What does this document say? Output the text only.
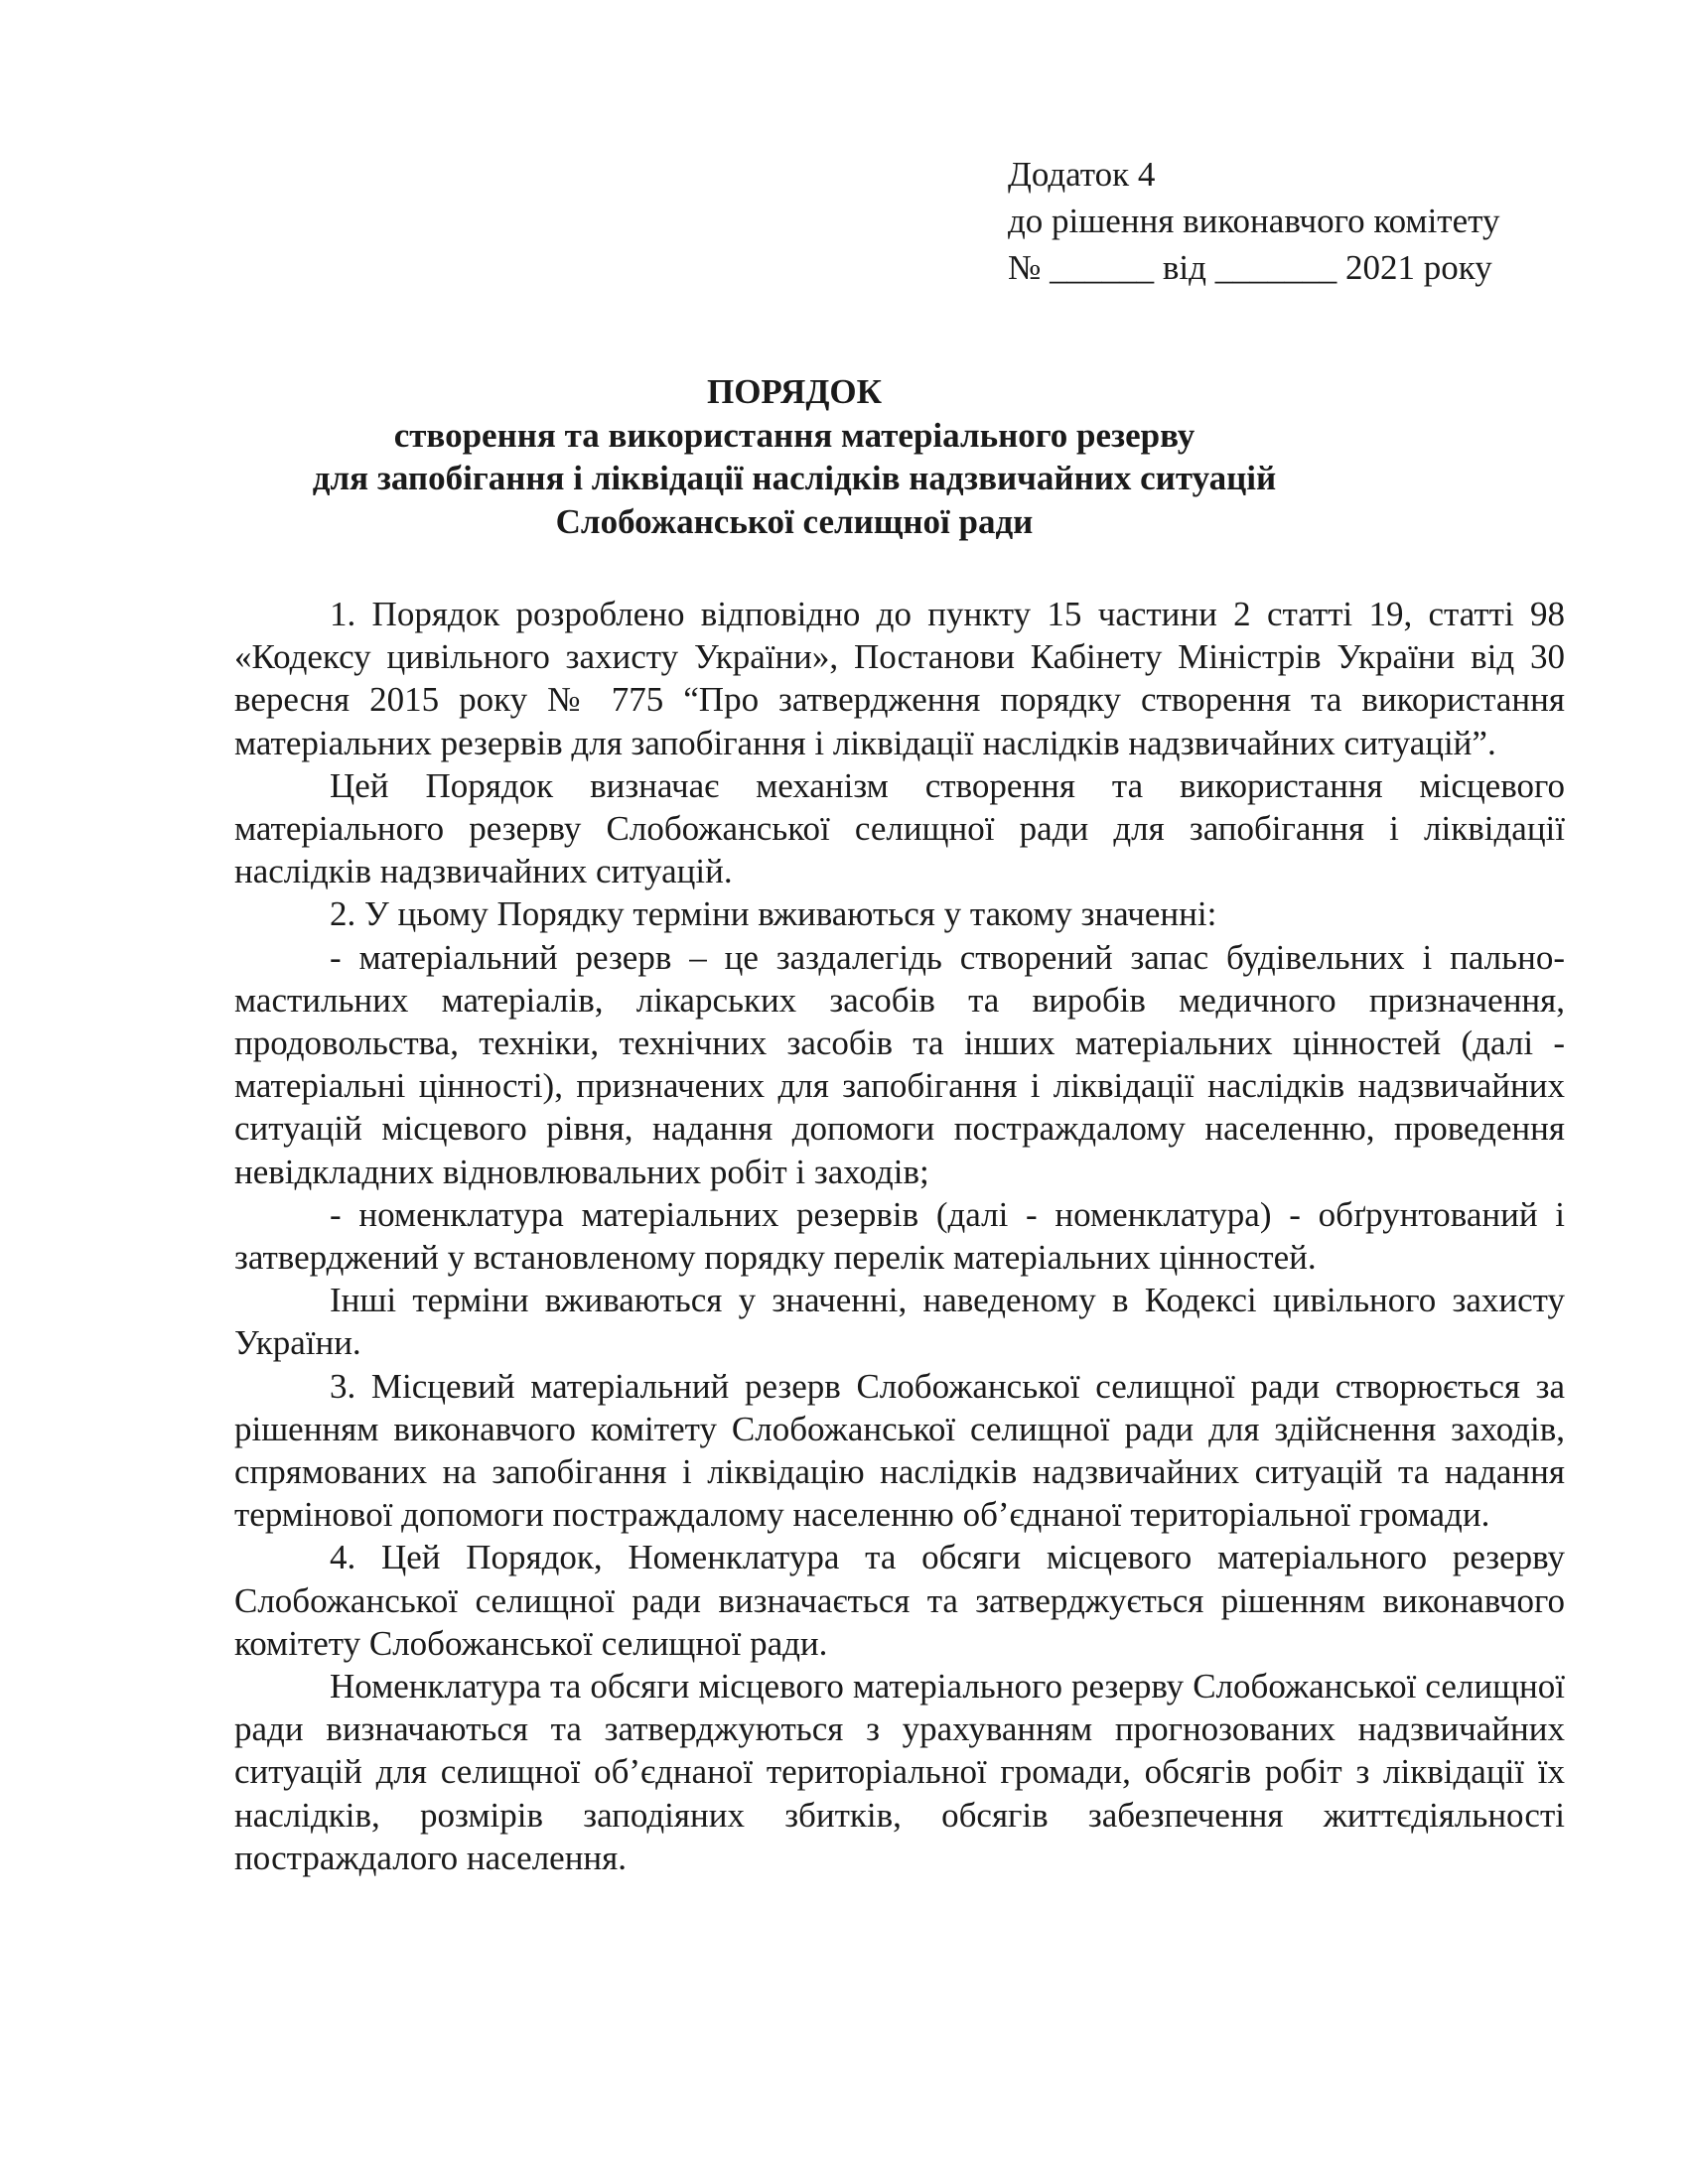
Додаток 4
до рішення виконавчого комітету
№ ______ від _______ 2021 року
ПОРЯДОК
створення та використання матеріального резерву
для запобігання і ліквідації наслідків надзвичайних ситуацій
Слобожанської селищної ради

1. Порядок розроблено відповідно до пункту 15 частини 2 статті 19, статті 98 «Кодексу цивільного захисту України», Постанови Кабінету Міністрів України від 30 вересня 2015 року № 775 “Про затвердження порядку створення та використання матеріальних резервів для запобігання і ліквідації наслідків надзвичайних ситуацій”.

Цей Порядок визначає механізм створення та використання місцевого матеріального резерву Слобожанської селищної ради для запобігання і ліквідації наслідків надзвичайних ситуацій.

2. У цьому Порядку терміни вживаються у такому значенні:

- матеріальний резерв – це заздалегідь створений запас будівельних і пально-мастильних матеріалів, лікарських засобів та виробів медичного призначення, продовольства, техніки, технічних засобів та інших матеріальних цінностей (далі - матеріальні цінності), призначених для запобігання і ліквідації наслідків надзвичайних ситуацій місцевого рівня, надання допомоги постраждалому населенню, проведення невідкладних відновлювальних робіт і заходів;

- номенклатура матеріальних резервів (далі - номенклатура) - обґрунтований і затверджений у встановленому порядку перелік матеріальних цінностей.

Інші терміни вживаються у значенні, наведеному в Кодексі цивільного захисту України.

3. Місцевий матеріальний резерв Слобожанської селищної ради створюється за рішенням виконавчого комітету Слобожанської селищної ради для здійснення заходів, спрямованих на запобігання і ліквідацію наслідків надзвичайних ситуацій та надання термінової допомоги постраждалому населенню об’єднаної територіальної громади.

4. Цей Порядок, Номенклатура та обсяги місцевого матеріального резерву Слобожанської селищної ради визначається та затверджується рішенням виконавчого комітету Слобожанської селищної ради.

Номенклатура та обсяги місцевого матеріального резерву Слобожанської селищної ради визначаються та затверджуються з урахуванням прогнозованих надзвичайних ситуацій для селищної об’єднаної територіальної громади, обсягів робіт з ліквідації їх наслідків, розмірів заподіяних збитків, обсягів забезпечення життєдіяльності постраждалого населення.
